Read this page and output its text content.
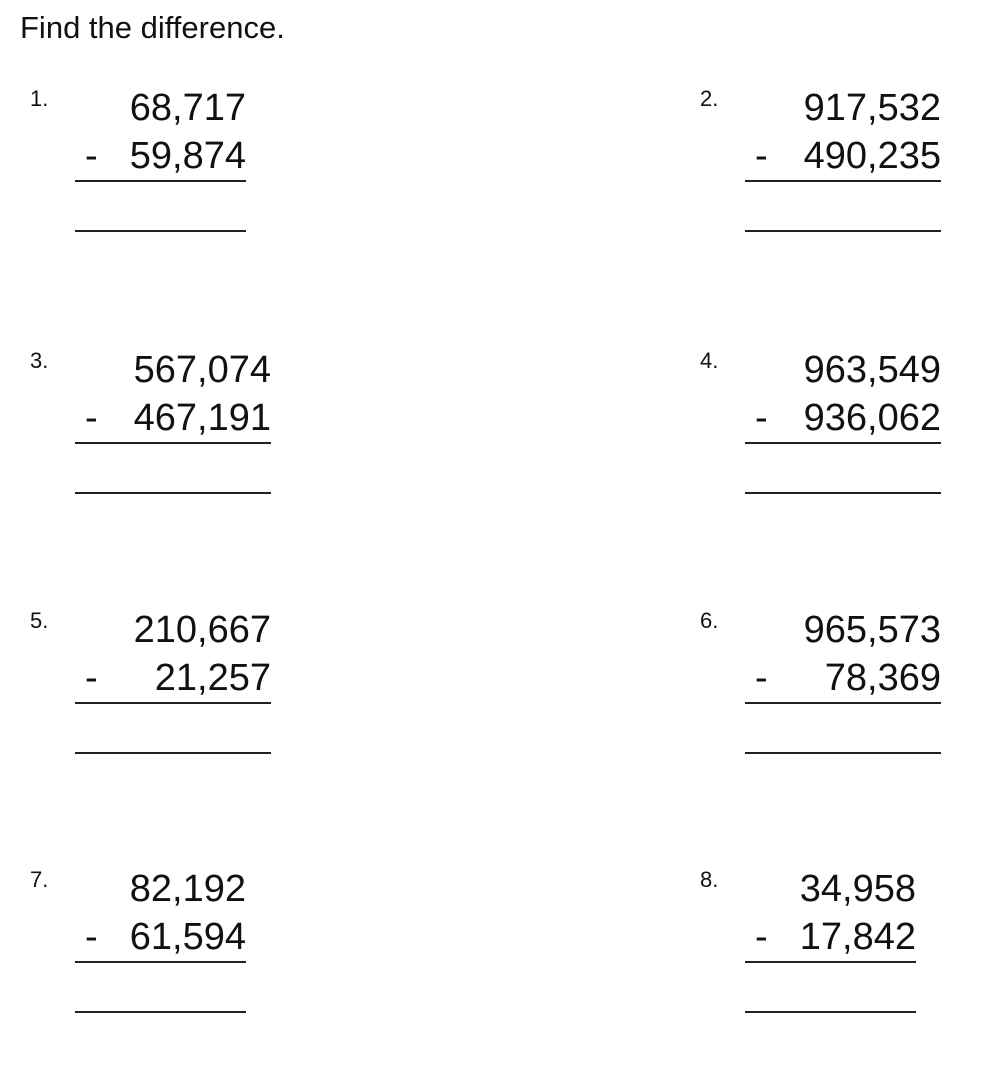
Find the difference.
1. 68,717
- 59,874
2. 917,532
- 490,235
3. 567,074
- 467,191
4. 963,549
- 936,062
5. 210,667
- 21,257
6. 965,573
- 78,369
7. 82,192
- 61,594
8. 34,958
- 17,842
